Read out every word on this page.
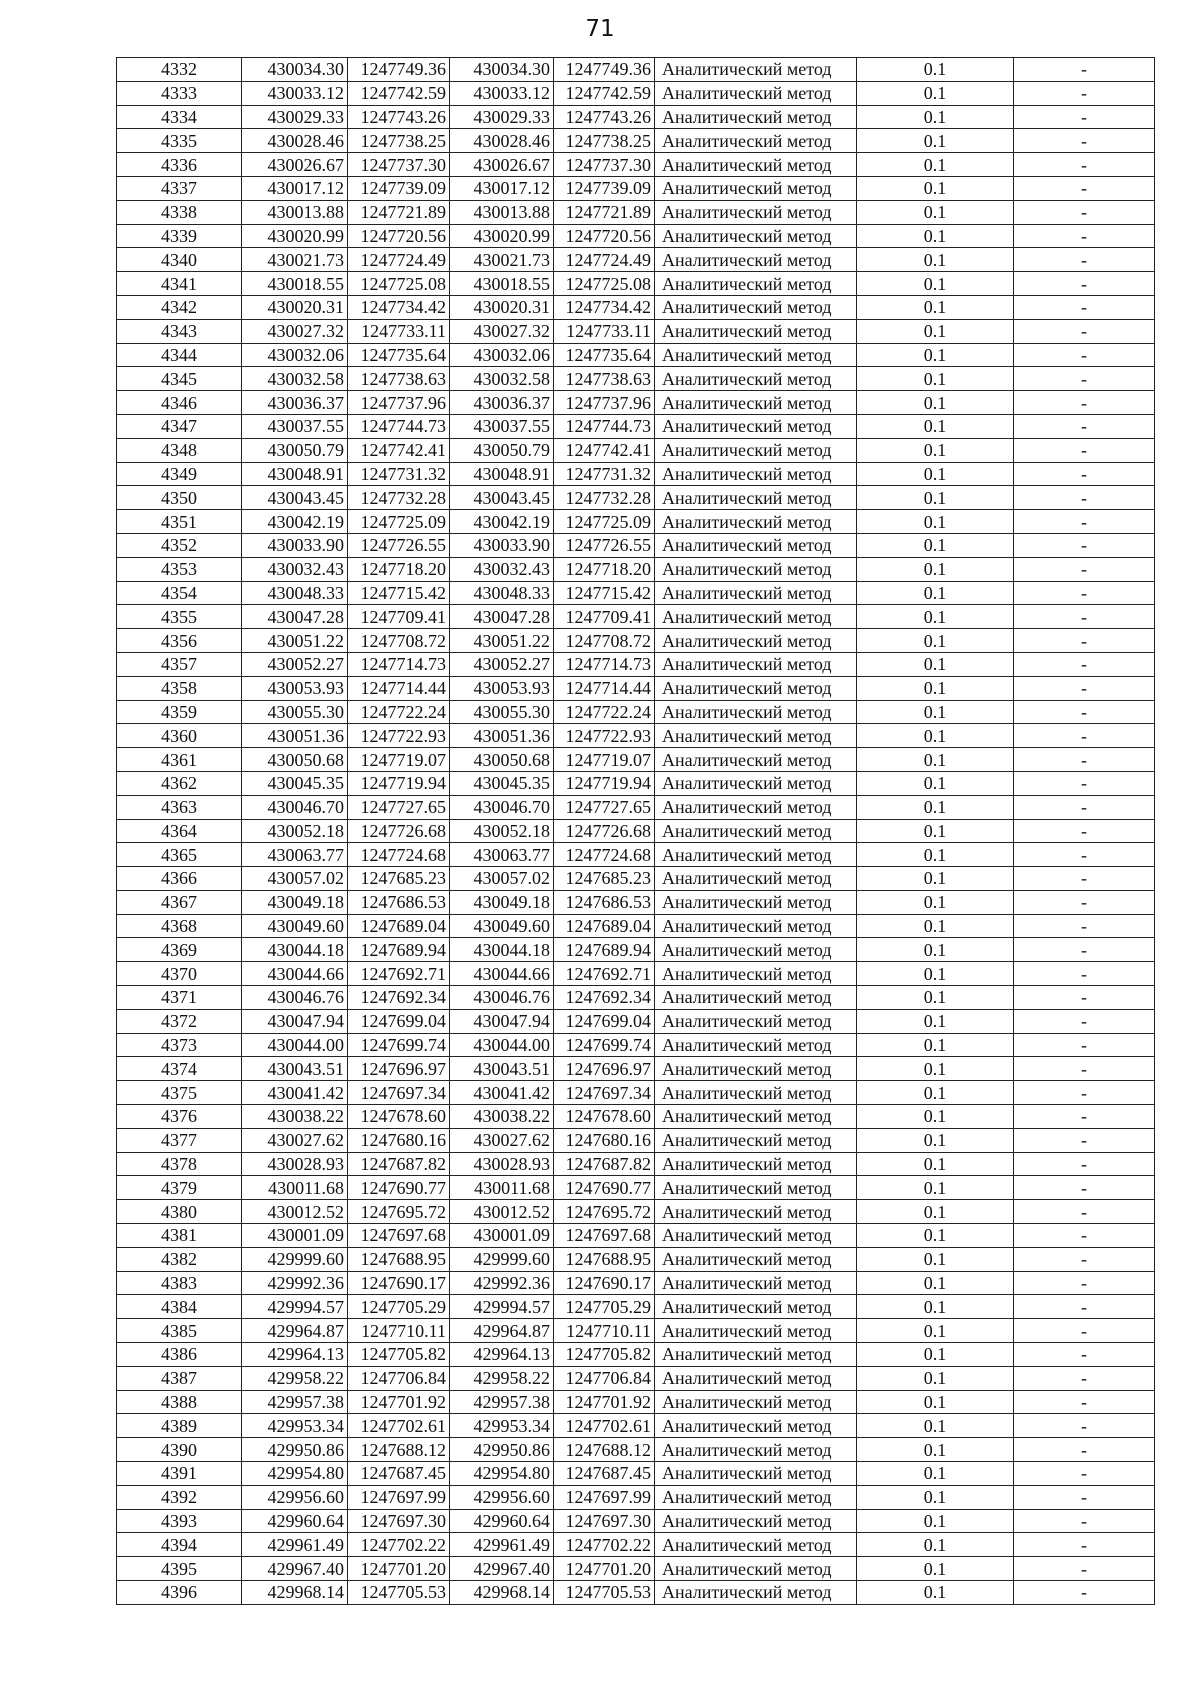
71
4332	430034.30	1247749.36	430034.30	1247749.36	Аналитический метод	0.1	-
4333	430033.12	1247742.59	430033.12	1247742.59	Аналитический метод	0.1	-
4334	430029.33	1247743.26	430029.33	1247743.26	Аналитический метод	0.1	-
4335	430028.46	1247738.25	430028.46	1247738.25	Аналитический метод	0.1	-
4336	430026.67	1247737.30	430026.67	1247737.30	Аналитический метод	0.1	-
4337	430017.12	1247739.09	430017.12	1247739.09	Аналитический метод	0.1	-
4338	430013.88	1247721.89	430013.88	1247721.89	Аналитический метод	0.1	-
4339	430020.99	1247720.56	430020.99	1247720.56	Аналитический метод	0.1	-
4340	430021.73	1247724.49	430021.73	1247724.49	Аналитический метод	0.1	-
4341	430018.55	1247725.08	430018.55	1247725.08	Аналитический метод	0.1	-
4342	430020.31	1247734.42	430020.31	1247734.42	Аналитический метод	0.1	-
4343	430027.32	1247733.11	430027.32	1247733.11	Аналитический метод	0.1	-
4344	430032.06	1247735.64	430032.06	1247735.64	Аналитический метод	0.1	-
4345	430032.58	1247738.63	430032.58	1247738.63	Аналитический метод	0.1	-
4346	430036.37	1247737.96	430036.37	1247737.96	Аналитический метод	0.1	-
4347	430037.55	1247744.73	430037.55	1247744.73	Аналитический метод	0.1	-
4348	430050.79	1247742.41	430050.79	1247742.41	Аналитический метод	0.1	-
4349	430048.91	1247731.32	430048.91	1247731.32	Аналитический метод	0.1	-
4350	430043.45	1247732.28	430043.45	1247732.28	Аналитический метод	0.1	-
4351	430042.19	1247725.09	430042.19	1247725.09	Аналитический метод	0.1	-
4352	430033.90	1247726.55	430033.90	1247726.55	Аналитический метод	0.1	-
4353	430032.43	1247718.20	430032.43	1247718.20	Аналитический метод	0.1	-
4354	430048.33	1247715.42	430048.33	1247715.42	Аналитический метод	0.1	-
4355	430047.28	1247709.41	430047.28	1247709.41	Аналитический метод	0.1	-
4356	430051.22	1247708.72	430051.22	1247708.72	Аналитический метод	0.1	-
4357	430052.27	1247714.73	430052.27	1247714.73	Аналитический метод	0.1	-
4358	430053.93	1247714.44	430053.93	1247714.44	Аналитический метод	0.1	-
4359	430055.30	1247722.24	430055.30	1247722.24	Аналитический метод	0.1	-
4360	430051.36	1247722.93	430051.36	1247722.93	Аналитический метод	0.1	-
4361	430050.68	1247719.07	430050.68	1247719.07	Аналитический метод	0.1	-
4362	430045.35	1247719.94	430045.35	1247719.94	Аналитический метод	0.1	-
4363	430046.70	1247727.65	430046.70	1247727.65	Аналитический метод	0.1	-
4364	430052.18	1247726.68	430052.18	1247726.68	Аналитический метод	0.1	-
4365	430063.77	1247724.68	430063.77	1247724.68	Аналитический метод	0.1	-
4366	430057.02	1247685.23	430057.02	1247685.23	Аналитический метод	0.1	-
4367	430049.18	1247686.53	430049.18	1247686.53	Аналитический метод	0.1	-
4368	430049.60	1247689.04	430049.60	1247689.04	Аналитический метод	0.1	-
4369	430044.18	1247689.94	430044.18	1247689.94	Аналитический метод	0.1	-
4370	430044.66	1247692.71	430044.66	1247692.71	Аналитический метод	0.1	-
4371	430046.76	1247692.34	430046.76	1247692.34	Аналитический метод	0.1	-
4372	430047.94	1247699.04	430047.94	1247699.04	Аналитический метод	0.1	-
4373	430044.00	1247699.74	430044.00	1247699.74	Аналитический метод	0.1	-
4374	430043.51	1247696.97	430043.51	1247696.97	Аналитический метод	0.1	-
4375	430041.42	1247697.34	430041.42	1247697.34	Аналитический метод	0.1	-
4376	430038.22	1247678.60	430038.22	1247678.60	Аналитический метод	0.1	-
4377	430027.62	1247680.16	430027.62	1247680.16	Аналитический метод	0.1	-
4378	430028.93	1247687.82	430028.93	1247687.82	Аналитический метод	0.1	-
4379	430011.68	1247690.77	430011.68	1247690.77	Аналитический метод	0.1	-
4380	430012.52	1247695.72	430012.52	1247695.72	Аналитический метод	0.1	-
4381	430001.09	1247697.68	430001.09	1247697.68	Аналитический метод	0.1	-
4382	429999.60	1247688.95	429999.60	1247688.95	Аналитический метод	0.1	-
4383	429992.36	1247690.17	429992.36	1247690.17	Аналитический метод	0.1	-
4384	429994.57	1247705.29	429994.57	1247705.29	Аналитический метод	0.1	-
4385	429964.87	1247710.11	429964.87	1247710.11	Аналитический метод	0.1	-
4386	429964.13	1247705.82	429964.13	1247705.82	Аналитический метод	0.1	-
4387	429958.22	1247706.84	429958.22	1247706.84	Аналитический метод	0.1	-
4388	429957.38	1247701.92	429957.38	1247701.92	Аналитический метод	0.1	-
4389	429953.34	1247702.61	429953.34	1247702.61	Аналитический метод	0.1	-
4390	429950.86	1247688.12	429950.86	1247688.12	Аналитический метод	0.1	-
4391	429954.80	1247687.45	429954.80	1247687.45	Аналитический метод	0.1	-
4392	429956.60	1247697.99	429956.60	1247697.99	Аналитический метод	0.1	-
4393	429960.64	1247697.30	429960.64	1247697.30	Аналитический метод	0.1	-
4394	429961.49	1247702.22	429961.49	1247702.22	Аналитический метод	0.1	-
4395	429967.40	1247701.20	429967.40	1247701.20	Аналитический метод	0.1	-
4396	429968.14	1247705.53	429968.14	1247705.53	Аналитический метод	0.1	-
